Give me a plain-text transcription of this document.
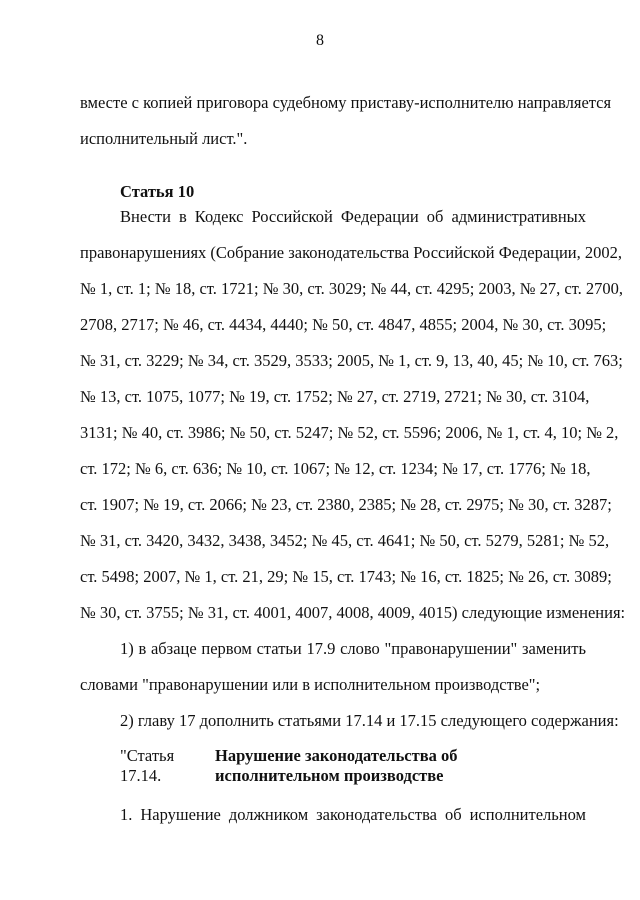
8
вместе с копией приговора судебному приставу-исполнителю направляется
исполнительный лист.".
Статья 10
Внести в Кодекс Российской Федерации об административных
правонарушениях (Собрание законодательства Российской Федерации, 2002,
№ 1, ст. 1; № 18, ст. 1721; № 30, ст. 3029; № 44, ст. 4295; 2003, № 27, ст. 2700,
2708, 2717; № 46, ст. 4434, 4440; № 50, ст. 4847, 4855; 2004, № 30, ст. 3095;
№ 31, ст. 3229; № 34, ст. 3529, 3533; 2005, № 1, ст. 9, 13, 40, 45; № 10, ст. 763;
№ 13, ст. 1075, 1077; № 19, ст. 1752; № 27, ст. 2719, 2721; № 30, ст. 3104,
3131; № 40, ст. 3986; № 50, ст. 5247; № 52, ст. 5596; 2006, № 1, ст. 4, 10; № 2,
ст. 172; № 6, ст. 636; № 10, ст. 1067; № 12, ст. 1234; № 17, ст. 1776; № 18,
ст. 1907; № 19, ст. 2066; № 23, ст. 2380, 2385; № 28, ст. 2975; № 30, ст. 3287;
№ 31, ст. 3420, 3432, 3438, 3452; № 45, ст. 4641; № 50, ст. 5279, 5281; № 52,
ст. 5498; 2007, № 1, ст. 21, 29; № 15, ст. 1743; № 16, ст. 1825; № 26, ст. 3089;
№ 30, ст. 3755; № 31, ст. 4001, 4007, 4008, 4009, 4015) следующие изменения:
1) в абзаце первом статьи 17.9 слово "правонарушении" заменить
словами "правонарушении или в исполнительном производстве";
2) главу 17 дополнить статьями 17.14 и 17.15 следующего содержания:
"Статья 17.14.
Нарушение законодательства об исполнительном производстве
1. Нарушение должником законодательства об исполнительном
